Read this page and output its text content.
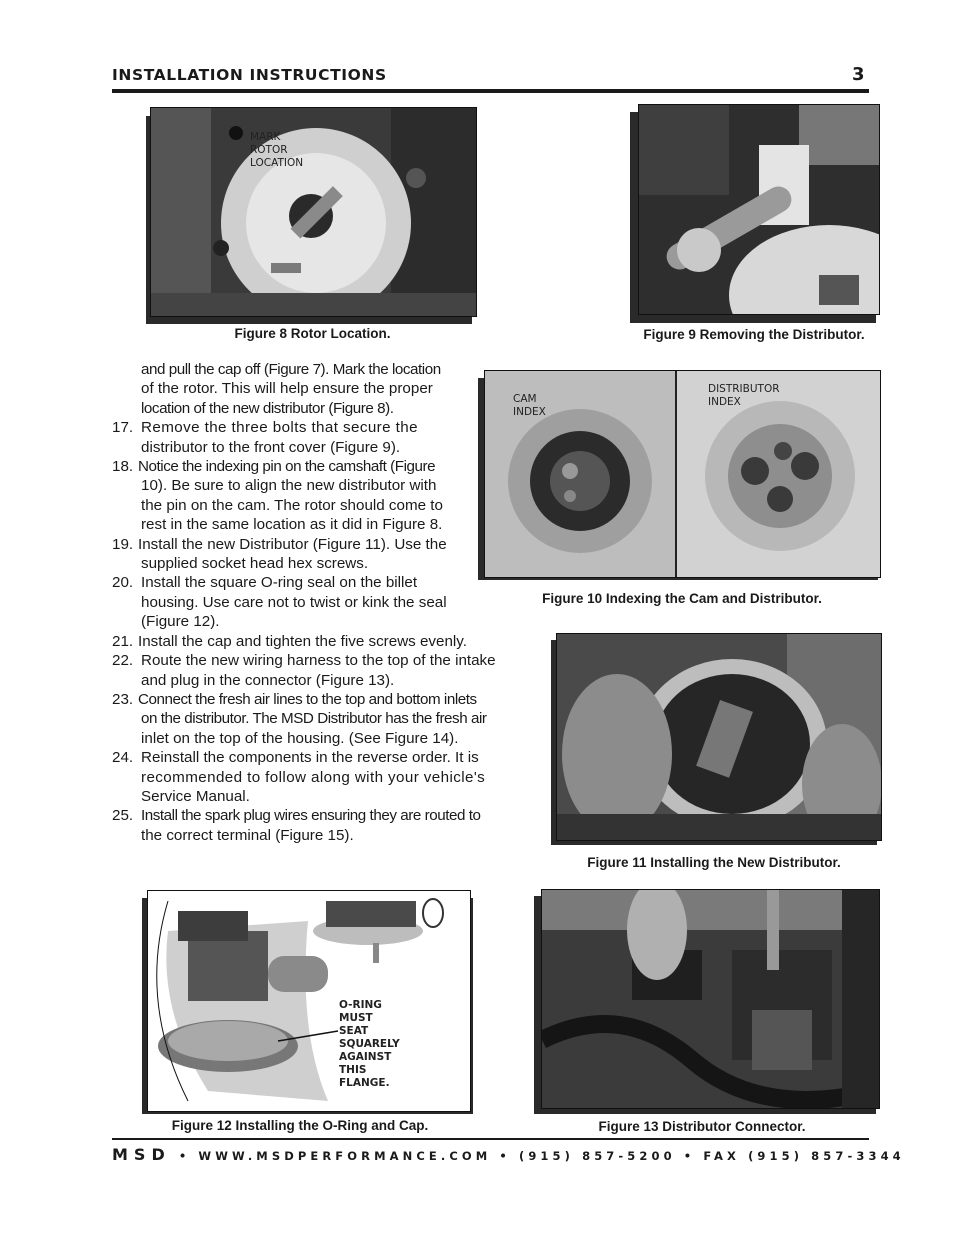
INSTALLATION INSTRUCTIONS	3
MARK ROTOR
LOCATION
Figure 8 Rotor Location.	Figure 9 Removing the Distributor.
CAM INDEX
DISTRIBUTOR INDEX
Figure 10 Indexing the Cam and Distributor.
Figure 11 Installing the New Distributor.
O-RING MUST
SEAT SQUARELY
AGAINST THIS
FLANGE.
Figure 12 Installing the O-Ring and Cap.	Figure 13 Distributor Connector.
and pull the cap off (Figure 7). Mark the location
of the rotor. This will help ensure the proper
location of the new distributor (Figure 8).
17. Remove the three bolts that secure the
distributor to the front cover (Figure 9).
18. Notice the indexing pin on the camshaft (Figure
10). Be sure to align the new distributor with
the pin on the cam. The rotor should come to
rest in the same location as it did in Figure 8.
19. Install the new Distributor (Figure 11). Use the
supplied socket head hex screws.
20. Install the square O-ring seal on the billet
housing. Use care not to twist or kink the seal
(Figure 12).
21. Install the cap and tighten the five screws evenly.
22. Route the new wiring harness to the top of the intake
and plug in the connector (Figure 13).
23. Connect the fresh air lines to the top and bottom inlets
on the distributor. The MSD Distributor has the fresh air
inlet on the top of the housing. (See Figure 14).
24. Reinstall the components in the reverse order. It is
recommended to follow along with your vehicle's
Service Manual.
25. Install the spark plug wires ensuring they are routed to
the correct terminal (Figure 15).
MSD • WWW.MSDPERFORMANCE.COM • (915) 857-5200 • FAX (915) 857-3344
